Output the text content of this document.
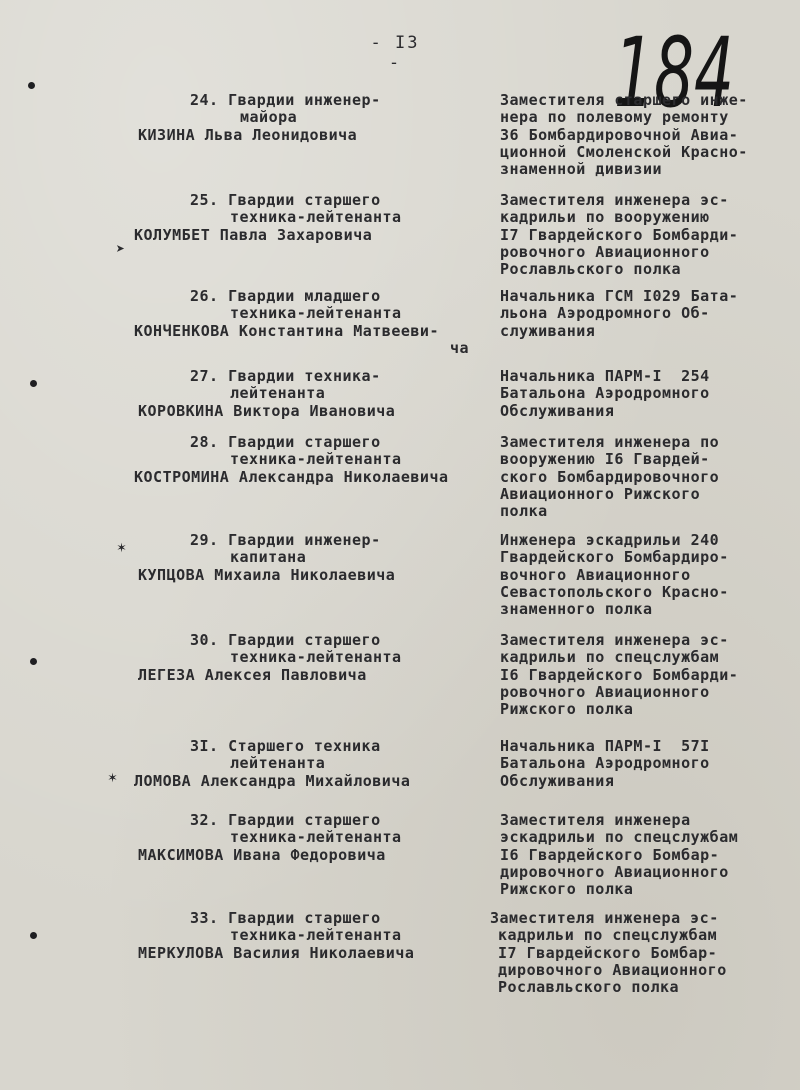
- I3 -	184
➤
✶
✶
24. Гвардии инженер-
майора
КИЗИНА Льва Леонидовича
Заместителя старшего инже-
нера по полевому ремонту
36 Бомбардировочной Авиа-
ционной Смоленской Красно-
знаменной дивизии
25. Гвардии старшего
техника-лейтенанта
КОЛУМБЕТ Павла Захаровича
Заместителя инженера эс-
кадрильи по вооружению
I7 Гвардейского Бомбарди-
ровочного Авиационного
Рославльского полка
26. Гвардии младшего
техника-лейтенанта
КОНЧЕНКОВА Константина Матвееви-
ча
Начальника ГСМ I029 Бата-
льона Аэродромного Об-
служивания
27. Гвардии техника-
лейтенанта
КОРОВКИНА Виктора Ивановича
Начальника ПАРМ-I  254
Батальона Аэродромного
Обслуживания
28. Гвардии старшего
техника-лейтенанта
КОСТРОМИНА Александра Николаевича
Заместителя инженера по
вооружению I6 Гвардей-
ского Бомбардировочного
Авиационного Рижского
полка
29. Гвардии инженер-
капитана
КУПЦОВА Михаила Николаевича
Инженера эскадрильи 240
Гвардейского Бомбардиро-
вочного Авиационного
Севастопольского Красно-
знаменного полка
30. Гвардии старшего
техника-лейтенанта
ЛЕГЕЗА Алексея Павловича
Заместителя инженера эс-
кадрильи по спецслужбам
I6 Гвардейского Бомбарди-
ровочного Авиационного
Рижского полка
3I. Старшего техника
лейтенанта
ЛОМОВА Александра Михайловича
Начальника ПАРМ-I  57I
Батальона Аэродромного
Обслуживания
32. Гвардии старшего
техника-лейтенанта
МАКСИМОВА Ивана Федоровича
Заместителя инженера
эскадрильи по спецслужбам
I6 Гвардейского Бомбар-
дировочного Авиационного
Рижского полка
33. Гвардии старшего
техника-лейтенанта
МЕРКУЛОВА Василия Николаевича
Заместителя инженера эс-
кадрильи по спецслужбам
I7 Гвардейского Бомбар-
дировочного Авиационного
Рославльского полка
